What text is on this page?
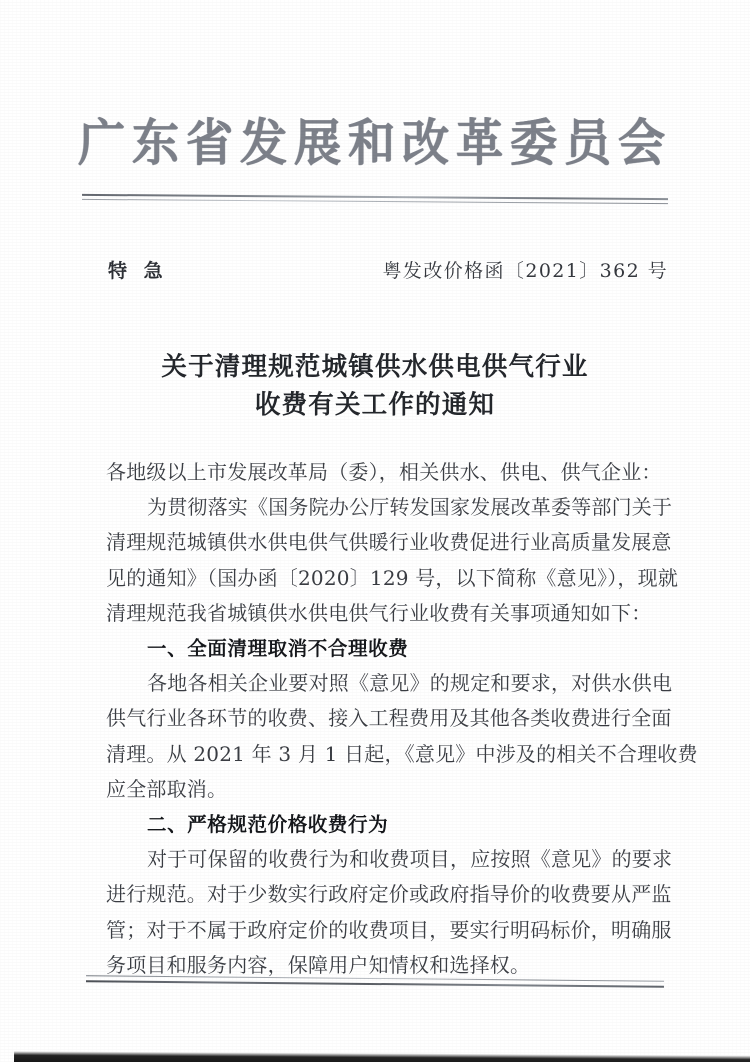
广东省发展和改革委员会
特 急	粤发改价格函〔2021〕362 号
关于清理规范城镇供水供电供气行业
收费有关工作的通知
各地级以上市发展改革局（委），相关供水、供电、供气企业：
为贯彻落实《国务院办公厅转发国家发展改革委等部门关于
清理规范城镇供水供电供气供暖行业收费促进行业高质量发展意
见的通知》（国办函〔2020〕129 号，以下简称《意见》），现就
清理规范我省城镇供水供电供气行业收费有关事项通知如下：
一、全面清理取消不合理收费
各地各相关企业要对照《意见》的规定和要求，对供水供电
供气行业各环节的收费、接入工程费用及其他各类收费进行全面
清理。从 2021 年 3 月 1 日起，《意见》中涉及的相关不合理收费
应全部取消。
二、严格规范价格收费行为
对于可保留的收费行为和收费项目，应按照《意见》的要求
进行规范。对于少数实行政府定价或政府指导价的收费要从严监
管；对于不属于政府定价的收费项目，要实行明码标价，明确服
务项目和服务内容，保障用户知情权和选择权。
